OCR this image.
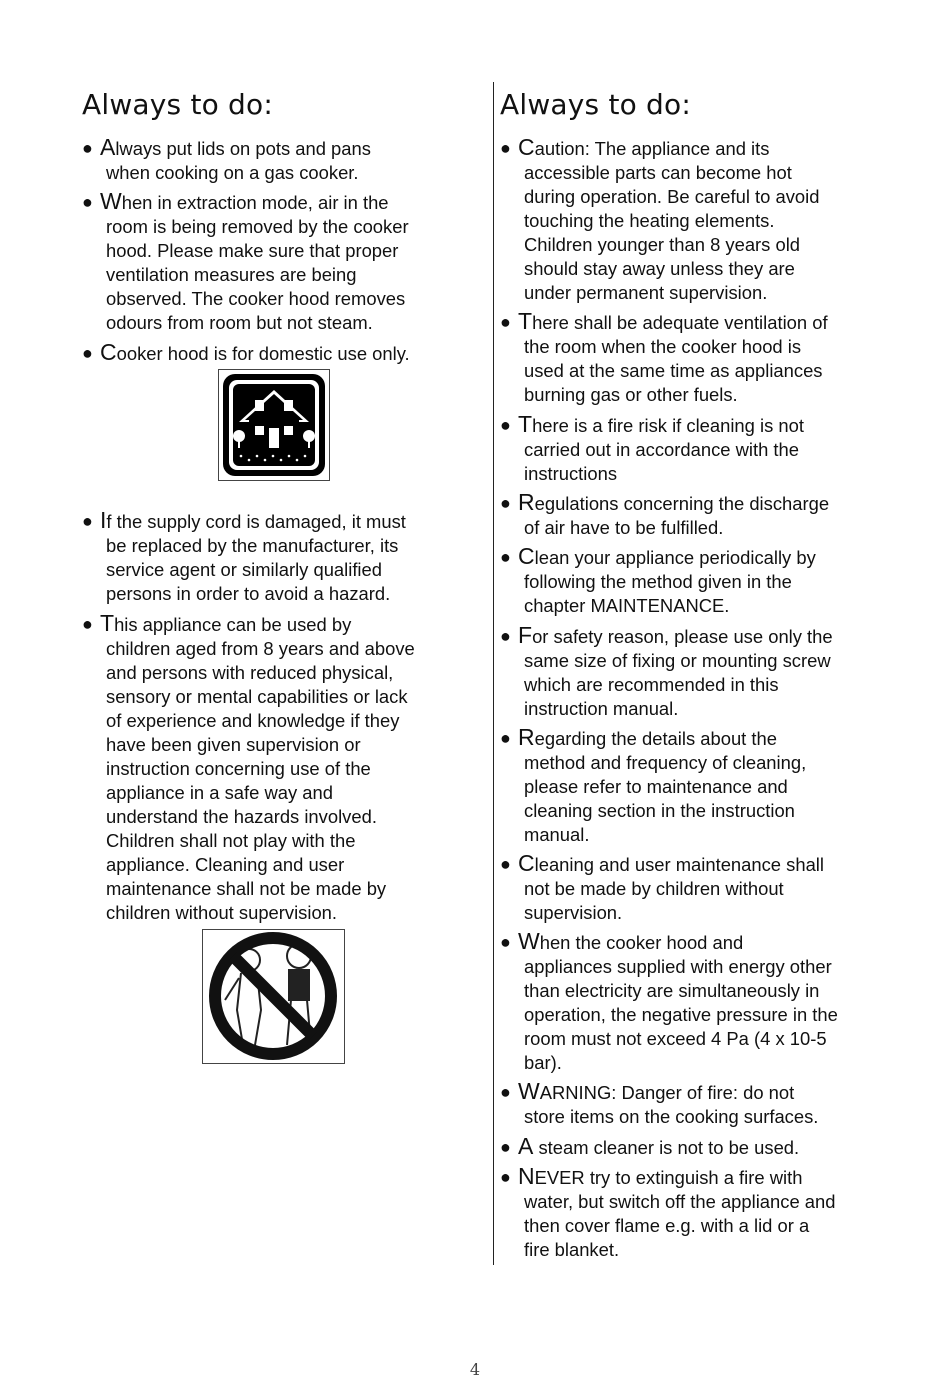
Always to do:
● Always put lids on pots and pans
when cooking on a gas cooker.
● When in extraction mode, air in the
room is being removed by the cooker
hood. Please make sure that proper
ventilation measures are being
observed. The cooker hood removes
odours from room but not steam.
● Cooker hood is for domestic use only.
● If the supply cord is damaged, it must
be replaced by the manufacturer, its
service agent or similarly qualified
persons in order to avoid a hazard.
● This appliance can be used by
children aged from 8 years and above
and persons with reduced physical,
sensory or mental capabilities or lack
of experience and knowledge if they
have been given supervision or
instruction concerning use of the
appliance in a safe way and
understand the hazards involved.
Children shall not play with the
appliance. Cleaning and user
maintenance shall not be made by
children without supervision.
Always to do:
● Caution: The appliance and its
accessible parts can become hot
during operation. Be careful to avoid
touching the heating elements.
Children younger than 8 years old
should stay away unless they are
under permanent supervision.
● There shall be adequate ventilation of
the room when the cooker hood is
used at the same time as appliances
burning gas or other fuels.
● There is a fire risk if cleaning is not
carried out in accordance with the
instructions
● Regulations concerning the discharge
of air have to be fulfilled.
● Clean your appliance periodically by
following the method given in the
chapter MAINTENANCE.
● For safety reason, please use only the
same size of fixing or mounting screw
which are recommended in this
instruction manual.
● Regarding the details about the
method and frequency of cleaning,
please refer to maintenance and
cleaning section in the instruction
manual.
● Cleaning and user maintenance shall
not be made by children without
supervision.
● When the cooker hood and
appliances supplied with energy other
than electricity are simultaneously in
operation, the negative pressure in the
room must not exceed 4 Pa (4 x 10-5
bar).
● WARNING: Danger of fire: do not
store items on the cooking surfaces.
● A steam cleaner is not to be used.
● NEVER try to extinguish a fire with
water, but switch off the appliance and
then cover flame e.g. with a lid or a
fire blanket.
4
